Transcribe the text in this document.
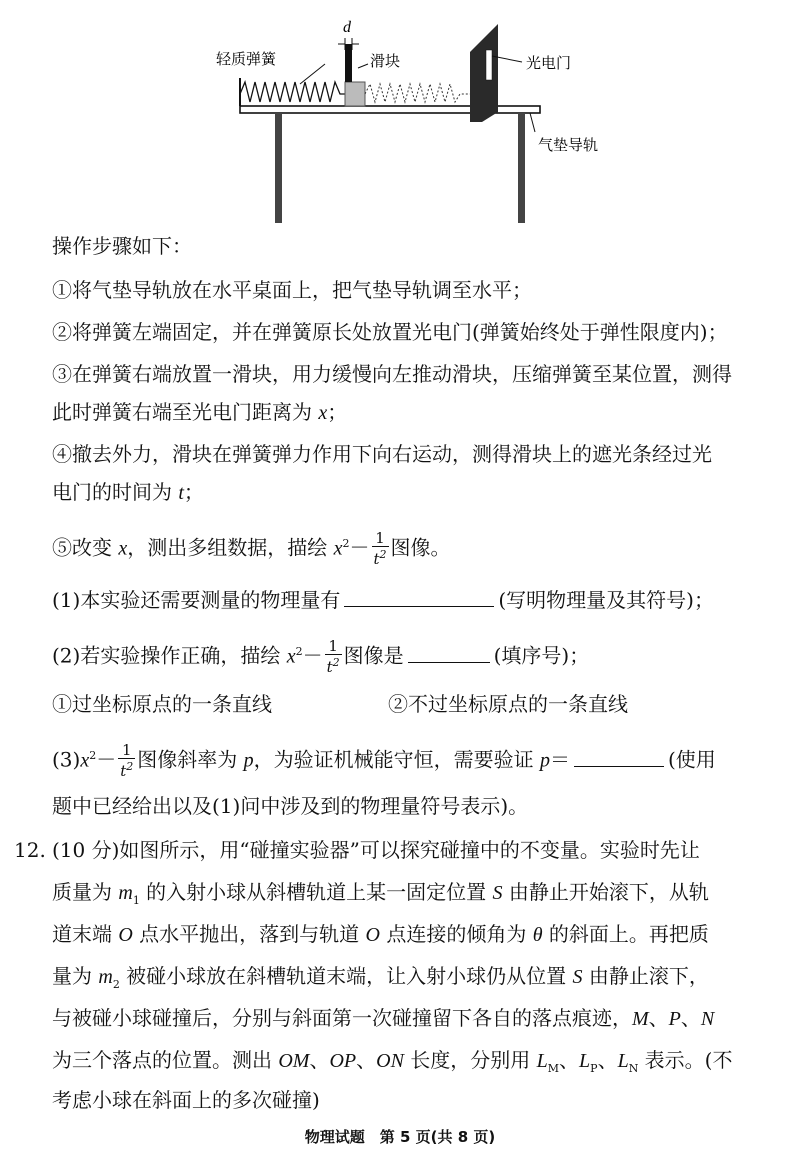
轻质弹簧
d
滑块	光电门
气垫导轨
操作步骤如下：
①将气垫导轨放在水平桌面上，把气垫导轨调至水平；
②将弹簧左端固定，并在弹簧原长处放置光电门(弹簧始终处于弹性限度内)；
③在弹簧右端放置一滑块，用力缓慢向左推动滑块，压缩弹簧至某位置，测得
此时弹簧右端至光电门距离为 x；
④撤去外力，滑块在弹簧弹力作用下向右运动，测得滑块上的遮光条经过光
电门的时间为 t；
⑤改变 x，测出多组数据，描绘 $x^2- \frac{1}{t^2}$ 图像。
(1)本实验还需要测量的物理量有	(写明物理量及其符号)；
(2)若实验操作正确，描绘 $x^2- \frac{1}{t^2}$ 图像是	(填序号)；
①过坐标原点的一条直线	②不过坐标原点的一条直线
$(3)x^2- \frac{1}{t^2}$ 图像斜率为 p，为验证机械能守恒，需要验证 p＝	(使用
题中已经给出以及(1)问中涉及到的物理量符号表示)。
12. (10 分)如图所示，用“碰撞实验器”可以探究碰撞中的不变量。实验时先让
质量为 $m_1$ 的入射小球从斜槽轨道上某一固定位置 S 由静止开始滚下，从轨
道末端 O 点水平抛出，落到与轨道 O 点连接的倾角为 θ 的斜面上。再把质
量为 $m_2$ 被碰小球放在斜槽轨道末端，让入射小球仍从位置 S 由静止滚下，
与被碰小球碰撞后，分别与斜面第一次碰撞留下各自的落点痕迹，M、P、N
为三个落点的位置。测出 OM、OP、ON 长度，分别用 $L_M$、$L_P$、$L_N$ 表示。(不
考虑小球在斜面上的多次碰撞)
物理试题　第 5 页(共 8 页)
